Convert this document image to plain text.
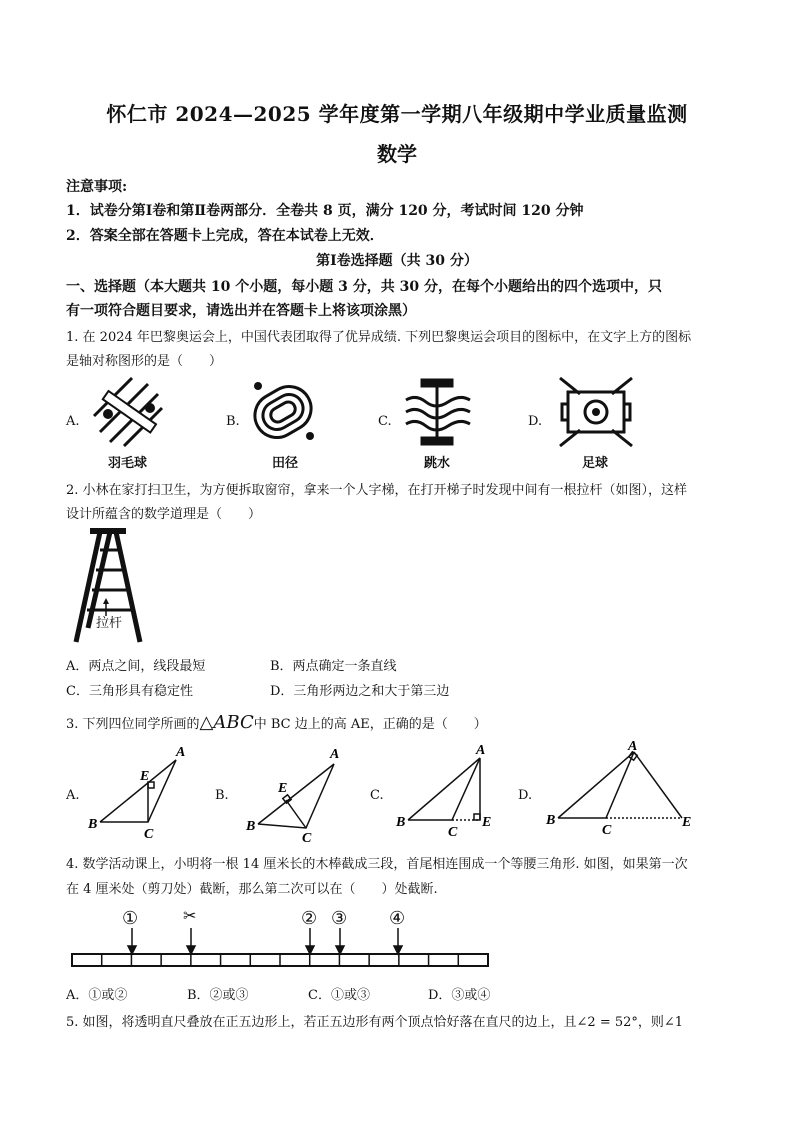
怀仁市 2024—2025 学年度第一学期八年级期中学业质量监测
数学
注意事项:
1．试卷分第Ⅰ卷和第Ⅱ卷两部分．全卷共 8 页，满分 120 分，考试时间 120 分钟
2．答案全部在答题卡上完成，答在本试卷上无效．
第Ⅰ卷选择题（共 30 分）
一、选择题（本大题共 10 个小题，每小题 3 分，共 30 分，在每个小题给出的四个选项中，只
有一项符合题目要求，请选出并在答题卡上将该项涂黑）
1. 在 2024 年巴黎奥运会上，中国代表团取得了优异成绩. 下列巴黎奥运会项目的图标中，在文字上方的图标
是轴对称图形的是（　　）
A.	B.	C.	D.
羽毛球	田径	跳水	足球
2. 小林在家打扫卫生，为方便拆取窗帘，拿来一个人字梯，在打开梯子时发现中间有一根拉杆（如图），这样
设计所蕴含的数学道理是（　　）
拉杆
A．两点之间，线段最短	B．两点确定一条直线
C．三角形具有稳定性	D．三角形两边之和大于第三边
3. 下列四位同学所画的△ABC中 BC 边上的高 AE，正确的是（　　）
A.	B.	C.	D.
A
E
B
C
A
E
B
C
A
B
C
E
A
B
C
E
4. 数学活动课上，小明将一根 14 厘米长的木棒截成三段，首尾相连围成一个等腰三角形. 如图，如果第一次
在 4 厘米处（剪刀处）截断，那么第二次可以在（　　）处截断.
①	✂	② ③ ④
A．①或②	B．②或③	C．①或③	D．③或④
5. 如图，将透明直尺叠放在正五边形上，若正五边形有两个顶点恰好落在直尺的边上，且∠2 = 52°，则∠1
